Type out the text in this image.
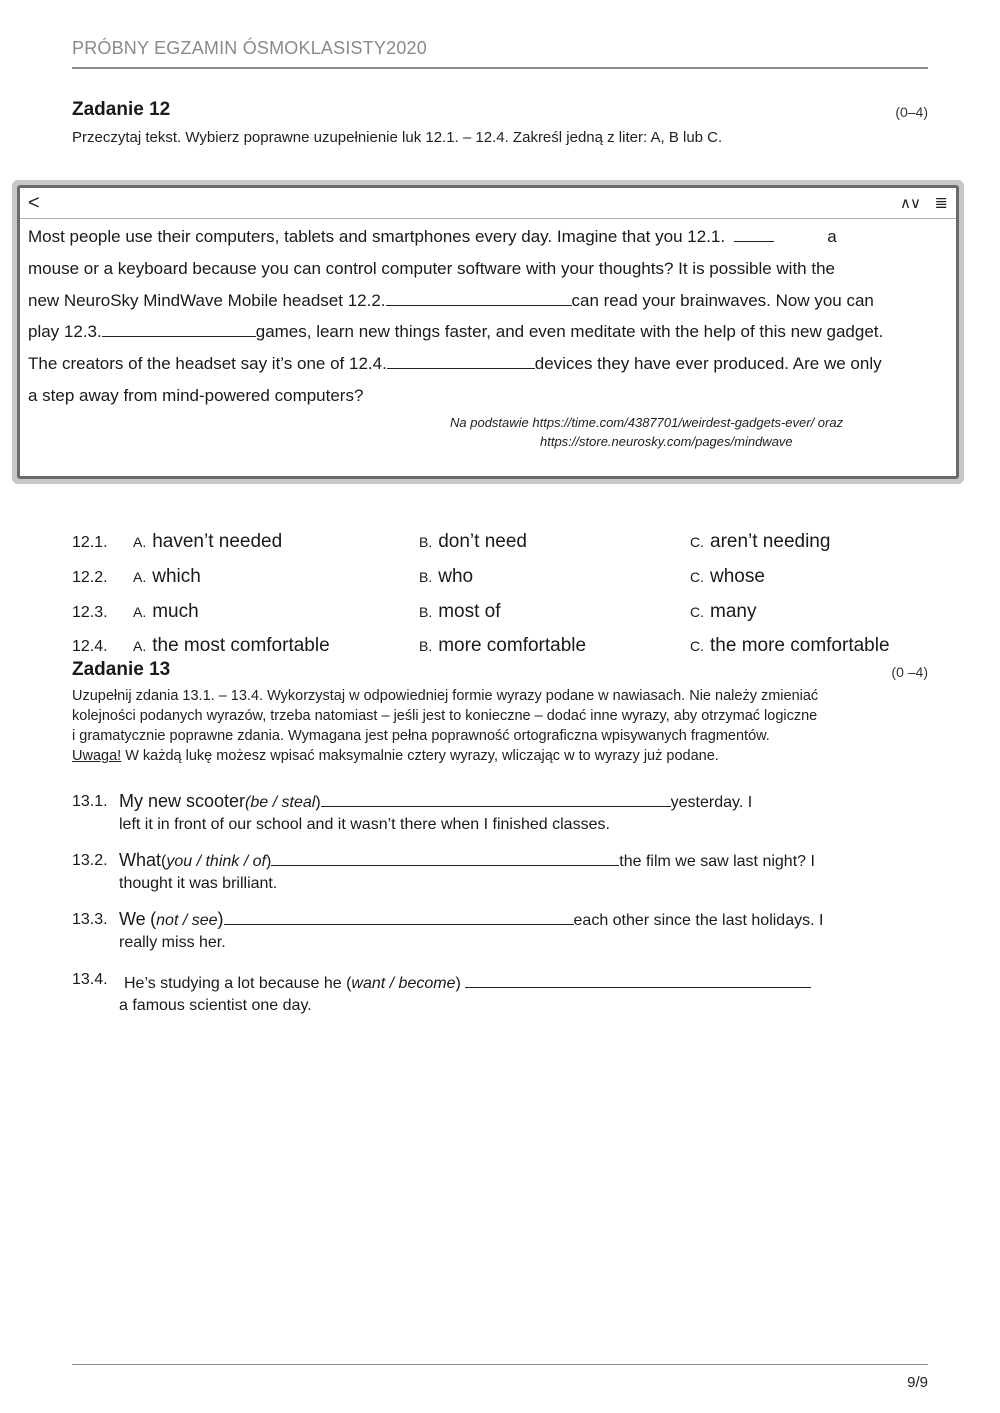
PRÓBNY EGZAMIN ÓSMOKLASISTY2020
Zadanie 12	(0–4)
Przeczytaj tekst. Wybierz poprawne uzupełnienie luk 12.1. – 12.4. Zakreśl jedną z liter: A, B lub C.
<	∧∨ ≣
Most people use their computers, tablets and smartphones every day. Imagine that you 12.1.	a
mouse or a keyboard because you can control computer software with your thoughts? It is possible with the
new NeuroSky MindWave Mobile headset 12.2.	can read your brainwaves. Now you can
play 12.3.	games, learn new things faster, and even meditate with the help of this new gadget.
The creators of the headset say it’s one of 12.4.	devices they have ever produced. Are we only
a step away from mind-powered computers?
Na podstawie https://time.com/4387701/weirdest-gadgets-ever/ oraz
https://store.neurosky.com/pages/mindwave
12.1. A. haven’t needed	B. don’t need	C. aren’t needing
12.2. A. which	B. who	C. whose
12.3. A. much	B. most of	C. many
12.4. A. the most comfortable	B. more comfortable	C. the more comfortable
Zadanie 13	(0 –4)
Uzupełnij zdania 13.1. – 13.4. Wykorzystaj w odpowiedniej formie wyrazy podane w nawiasach. Nie należy zmieniać
kolejności podanych wyrazów, trzeba natomiast – jeśli jest to konieczne – dodać inne wyrazy, aby otrzymać logiczne
i gramatycznie poprawne zdania. Wymagana jest pełna poprawność ortograficzna wpisywanych fragmentów.
Uwaga! W każdą lukę możesz wpisać maksymalnie cztery wyrazy, wliczając w to wyrazy już podane.
13.1. My new scooter(be / steal)	yesterday. I
left it in front of our school and it wasn’t there when I finished classes.
13.2. What(you / think / of)	the film we saw last night? I
thought it was brilliant.
13.3. We (not / see)	each other since the last holidays. I
really miss her.
13.4. He’s studying a lot because he (want / become)
a famous scientist one day.
9/9
